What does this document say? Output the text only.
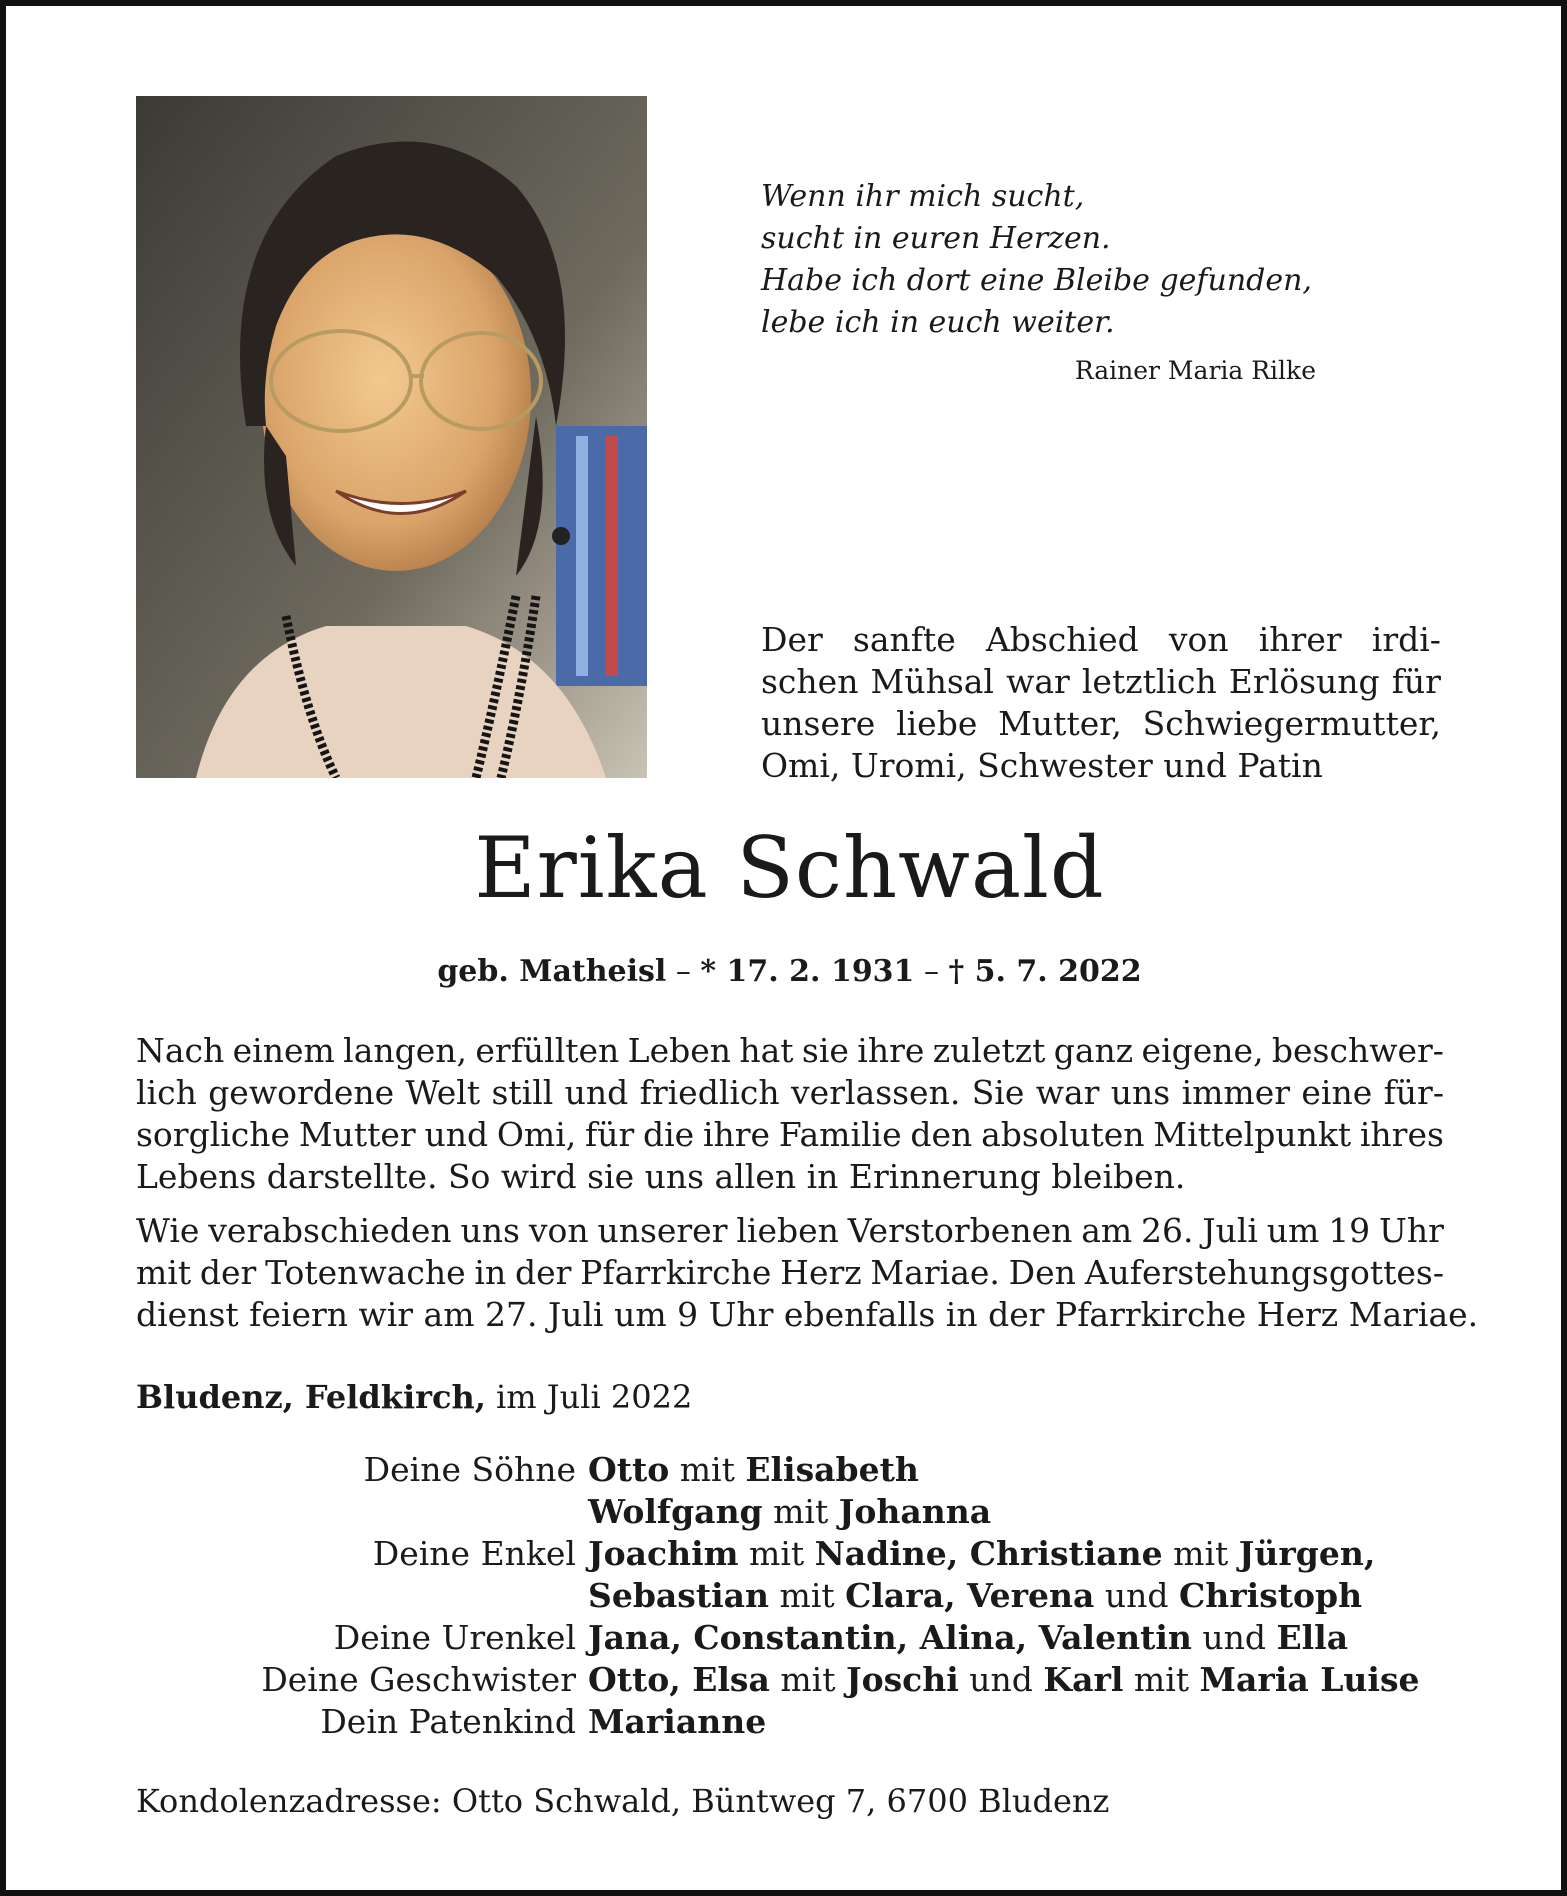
Wenn ihr mich sucht,
sucht in euren Herzen.
Habe ich dort eine Bleibe gefunden,
lebe ich in euch weiter.
Rainer Maria Rilke
Der sanfte Abschied von ihrer irdi-
schen Mühsal war letztlich Erlösung für
unsere liebe Mutter, Schwiegermutter,
Omi, Uromi, Schwester und Patin
Erika Schwald
geb. Matheisl – * 17. 2. 1931 – † 5. 7. 2022
Nach einem langen, erfüllten Leben hat sie ihre zuletzt ganz eigene, beschwer-
lich gewordene Welt still und friedlich verlassen. Sie war uns immer eine für-
sorgliche Mutter und Omi, für die ihre Familie den absoluten Mittelpunkt ihres
Lebens darstellte. So wird sie uns allen in Erinnerung bleiben.
Wie verabschieden uns von unserer lieben Verstorbenen am 26. Juli um 19 Uhr
mit der Totenwache in der Pfarrkirche Herz Mariae. Den Auferstehungsgottes-
dienst feiern wir am 27. Juli um 9 Uhr ebenfalls in der Pfarrkirche Herz Mariae.
Bludenz, Feldkirch, im Juli 2022
Deine Söhne Otto mit Elisabeth
Wolfgang mit Johanna
Deine Enkel Joachim mit Nadine, Christiane mit Jürgen,
Sebastian mit Clara, Verena und Christoph
Deine Urenkel Jana, Constantin, Alina, Valentin und Ella
Deine Geschwister Otto, Elsa mit Joschi und Karl mit Maria Luise
Dein Patenkind Marianne
Kondolenzadresse: Otto Schwald, Büntweg 7, 6700 Bludenz
